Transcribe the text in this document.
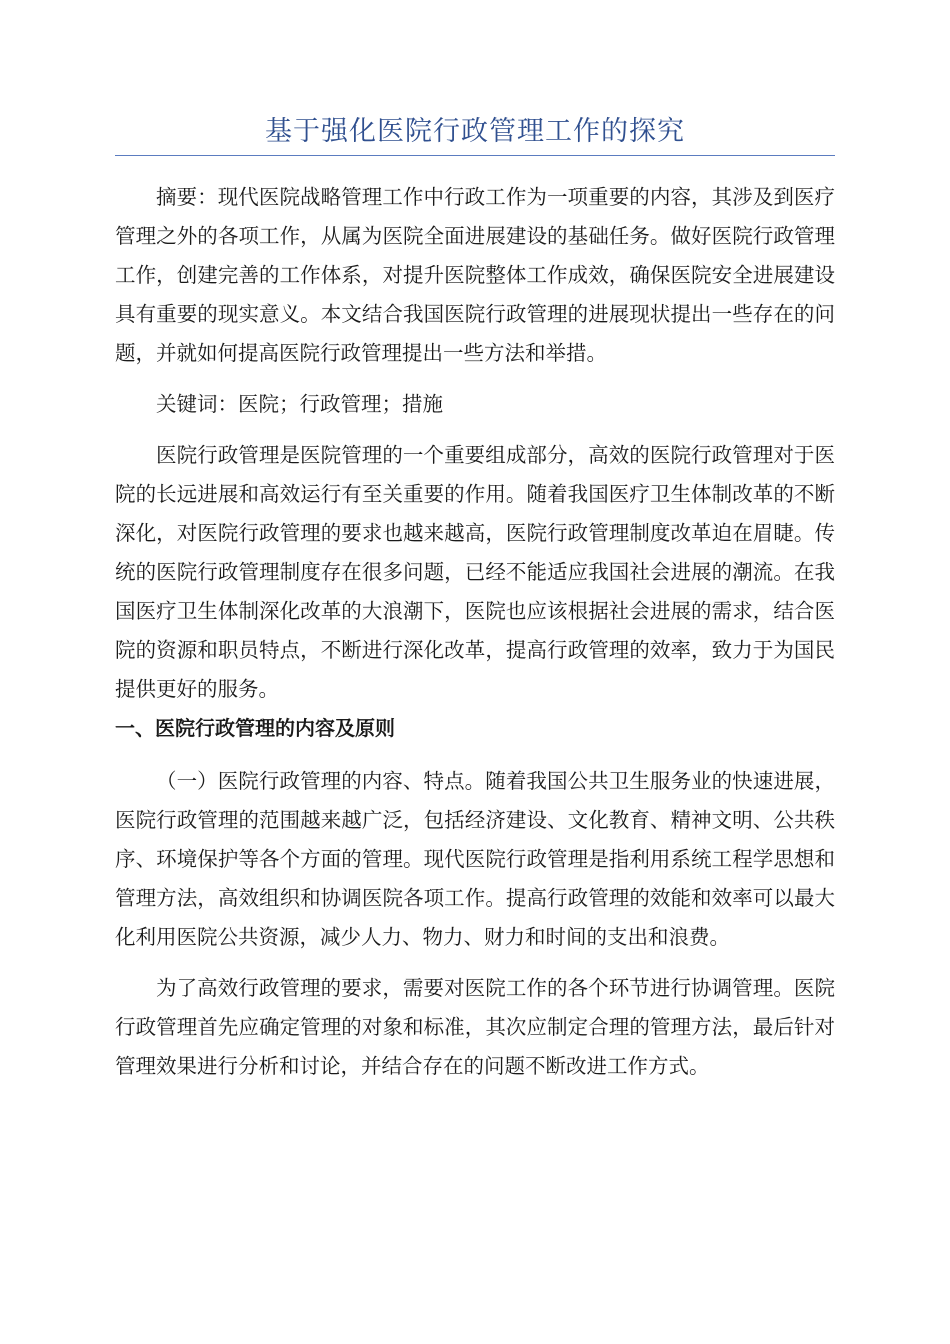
基于强化医院行政管理工作的探究

摘要：现代医院战略管理工作中行政工作为一项重要的内容，其涉及到医疗管理之外的各项工作，从属为医院全面进展建设的基础任务。做好医院行政管理工作，创建完善的工作体系，对提升医院整体工作成效，确保医院安全进展建设具有重要的现实意义。本文结合我国医院行政管理的进展现状提出一些存在的问题，并就如何提高医院行政管理提出一些方法和举措。

关键词：医院；行政管理；措施

医院行政管理是医院管理的一个重要组成部分，高效的医院行政管理对于医院的长远进展和高效运行有至关重要的作用。随着我国医疗卫生体制改革的不断深化，对医院行政管理的要求也越来越高，医院行政管理制度改革迫在眉睫。传统的医院行政管理制度存在很多问题，已经不能适应我国社会进展的潮流。在我国医疗卫生体制深化改革的大浪潮下，医院也应该根据社会进展的需求，结合医院的资源和职员特点，不断进行深化改革，提高行政管理的效率，致力于为国民提供更好的服务。

一、医院行政管理的内容及原则

（一）医院行政管理的内容、特点。随着我国公共卫生服务业的快速进展，医院行政管理的范围越来越广泛，包括经济建设、文化教育、精神文明、公共秩序、环境保护等各个方面的管理。现代医院行政管理是指利用系统工程学思想和管理方法，高效组织和协调医院各项工作。提高行政管理的效能和效率可以最大化利用医院公共资源，减少人力、物力、财力和时间的支出和浪费。

为了高效行政管理的要求，需要对医院工作的各个环节进行协调管理。医院行政管理首先应确定管理的对象和标准，其次应制定合理的管理方法，最后针对管理效果进行分析和讨论，并结合存在的问题不断改进工作方式。
